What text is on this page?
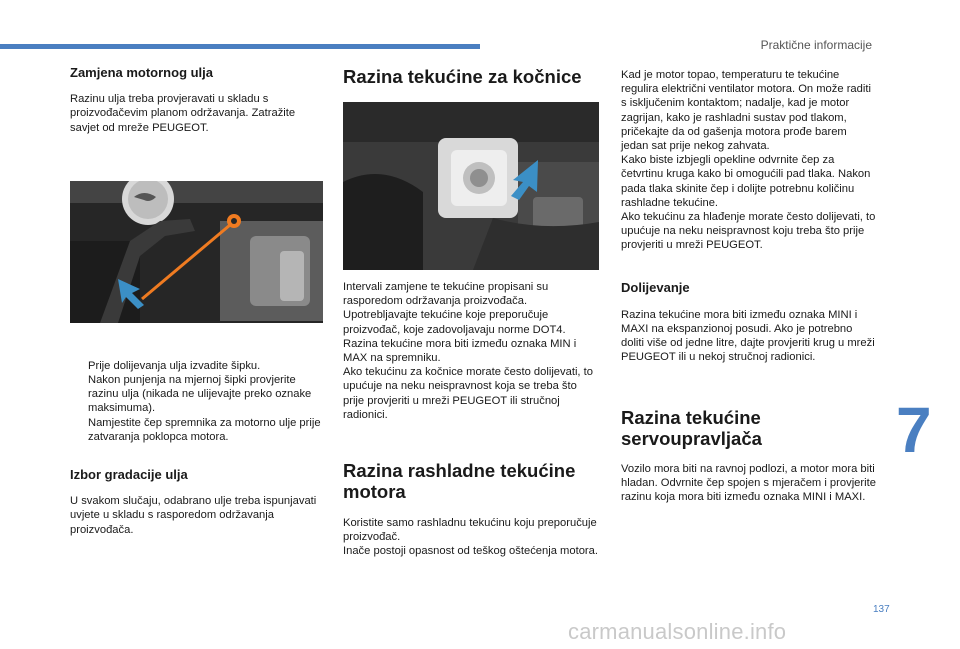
Praktične informacije
Zamjena motornog ulja

Razinu ulja treba provjeravati u skladu s proizvođačevim planom održavanja. Zatražite savjet od mreže PEUGEOT.

Prije dolijevanja ulja izvadite šipku.
Nakon punjenja na mjernoj šipki provjerite razinu ulja (nikada ne ulijevajte preko oznake maksimuma).
Namjestite čep spremnika za motorno ulje prije zatvaranja poklopca motora.
Izbor gradacije ulja

U svakom slučaju, odabrano ulje treba ispunjavati uvjete u skladu s rasporedom održavanja proizvođača.

Razina tekućine za kočnice

Intervali zamjene te tekućine propisani su rasporedom održavanja proizvođača.
Upotrebljavajte tekućine koje preporučuje proizvođač, koje zadovoljavaju norme DOT4.
Razina tekućine mora biti između oznaka MIN i MAX na spremniku.
Ako tekućinu za kočnice morate često dolijevati, to upućuje na neku neispravnost koja se treba što prije provjeriti u mreži PEUGEOT ili stručnoj radionici.

Razina rashladne tekućine motora

Koristite samo rashladnu tekućinu koju preporučuje proizvođač.
Inače postoji opasnost od teškog oštećenja motora.

Kad je motor topao, temperaturu te tekućine regulira električni ventilator motora. On može raditi s isključenim kontaktom; nadalje, kad je motor zagrijan, kako je rashladni sustav pod tlakom, pričekajte da od gašenja motora prođe barem jedan sat prije nekog zahvata.
Kako biste izbjegli opekline odvrnite čep za četvrtinu kruga kako bi omogućili pad tlaka. Nakon pada tlaka skinite čep i dolijte potrebnu količinu rashladne tekućine.
Ako tekućinu za hlađenje morate često dolijevati, to upućuje na neku neispravnost koju treba što prije provjeriti u mreži PEUGEOT.

Dolijevanje

Razina tekućine mora biti između oznaka MINI i MAXI na ekspanzionoj posudi. Ako je potrebno doliti više od jedne litre, dajte provjeriti krug u mreži PEUGEOT ili u nekoj stručnoj radionici.

Razina tekućine servoupravljača

Vozilo mora biti na ravnoj podlozi, a motor mora biti hladan. Odvrnite čep spojen s mjeračem i provjerite razinu koja mora biti između oznaka MINI i MAXI.

7
137
carmanualsonline.info
